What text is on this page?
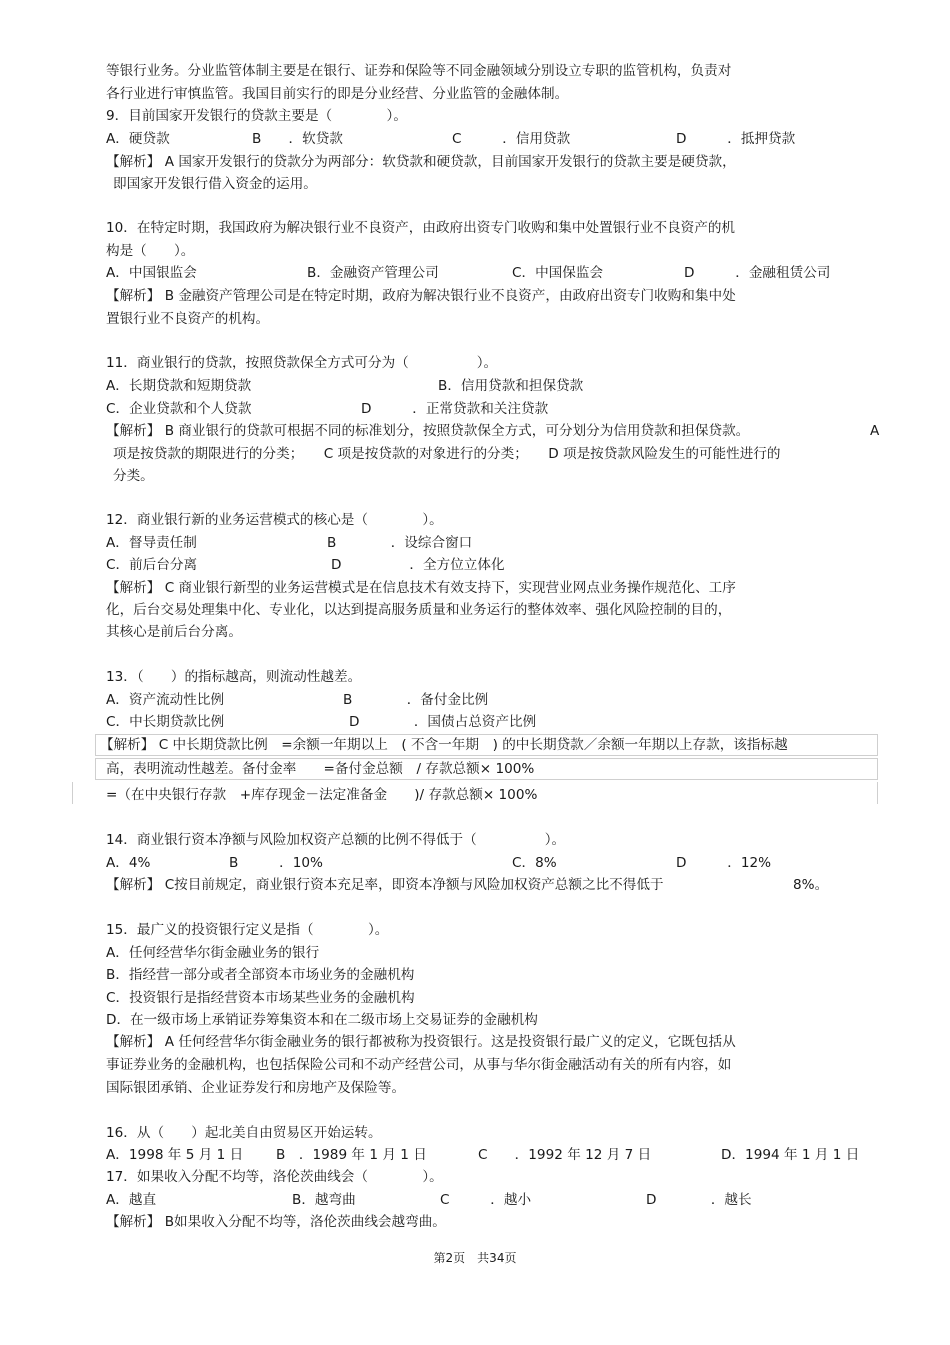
等银行业务。分业监管体制主要是在银行、证券和保险等不同金融领域分别设立专职的监管机构，负责对
各行业进行审慎监管。我国目前实行的即是分业经营、分业监管的金融体制。
9．目前国家开发银行的贷款主要是（　　　　）。
A．硬贷款	B　　．软贷款	C　　　．信用贷款	D　　　．抵押贷款
【解析】 A 国家开发银行的贷款分为两部分：软贷款和硬贷款，目前国家开发银行的贷款主要是硬贷款，
即国家开发银行借入资金的运用。
10．在特定时期，我国政府为解决银行业不良资产，由政府出资专门收购和集中处置银行业不良资产的机
构是（　　）。
A．中国银监会	B．金融资产管理公司	C．中国保监会	D　　　．金融租赁公司
【解析】 B 金融资产管理公司是在特定时期，政府为解决银行业不良资产，由政府出资专门收购和集中处
置银行业不良资产的机构。
11．商业银行的贷款，按照贷款保全方式可分为（　　　　　）。
A．长期贷款和短期贷款	B．信用贷款和担保贷款
C．企业贷款和个人贷款	D　　　．正常贷款和关注贷款
【解析】 B 商业银行的贷款可根据不同的标准划分，按照贷款保全方式，可分划分为信用贷款和担保贷款。	A
项是按贷款的期限进行的分类；　　C 项是按贷款的对象进行的分类；　　D 项是按贷款风险发生的可能性进行的
分类。
12．商业银行新的业务运营模式的核心是（　　　　）。
A．督导责任制	B　　　　．设综合窗口
C．前后台分离	D　　　　　．全方位立体化
【解析】 C 商业银行新型的业务运营模式是在信息技术有效支持下，实现营业网点业务操作规范化、工序
化，后台交易处理集中化、专业化，以达到提高服务质量和业务运行的整体效率、强化风险控制的目的，
其核心是前后台分离。
13．（　　）的指标越高，则流动性越差。
A．资产流动性比例	B　　　　．备付金比例
C．中长期贷款比例	D　　　　．国债占总资产比例
【解析】 C 中长期贷款比例　=余额一年期以上　( 不含一年期　) 的中长期贷款／余额一年期以上存款，该指标越
高，表明流动性越差。备付金率　　=备付金总额　/ 存款总额× 100%
=（在中央银行存款　+库存现金－法定准备金　　)/ 存款总额× 100%
14．商业银行资本净额与风险加权资产总额的比例不得低于（　　　　　）。
A．4%	B　　　．10%	C．8%	D　　　．12%
【解析】 C按目前规定，商业银行资本充足率，即资本净额与风险加权资产总额之比不得低于	8%。
15．最广义的投资银行定义是指（　　　　）。
A．任何经营华尔街金融业务的银行
B．指经营一部分或者全部资本市场业务的金融机构
C．投资银行是指经营资本市场某些业务的金融机构
D．在一级市场上承销证券筹集资本和在二级市场上交易证券的金融机构
【解析】 A 任何经营华尔街金融业务的银行都被称为投资银行。这是投资银行最广义的定义，它既包括从
事证券业务的金融机构，也包括保险公司和不动产经营公司，从事与华尔街金融活动有关的所有内容，如
国际银团承销、企业证券发行和房地产及保险等。
16．从（　　）起北美自由贸易区开始运转。
A．1998 年 5 月 1 日 B　．1989 年 1 月 1 日	C　　．1992 年 12 月 7 日	D．1994 年 1 月 1 日
17．如果收入分配不均等，洛伦茨曲线会（　　　　）。
A．越直	B．越弯曲	C　　　．越小	D　　　　．越长
【解析】 B如果收入分配不均等，洛伦茨曲线会越弯曲。
第2页　共34页
